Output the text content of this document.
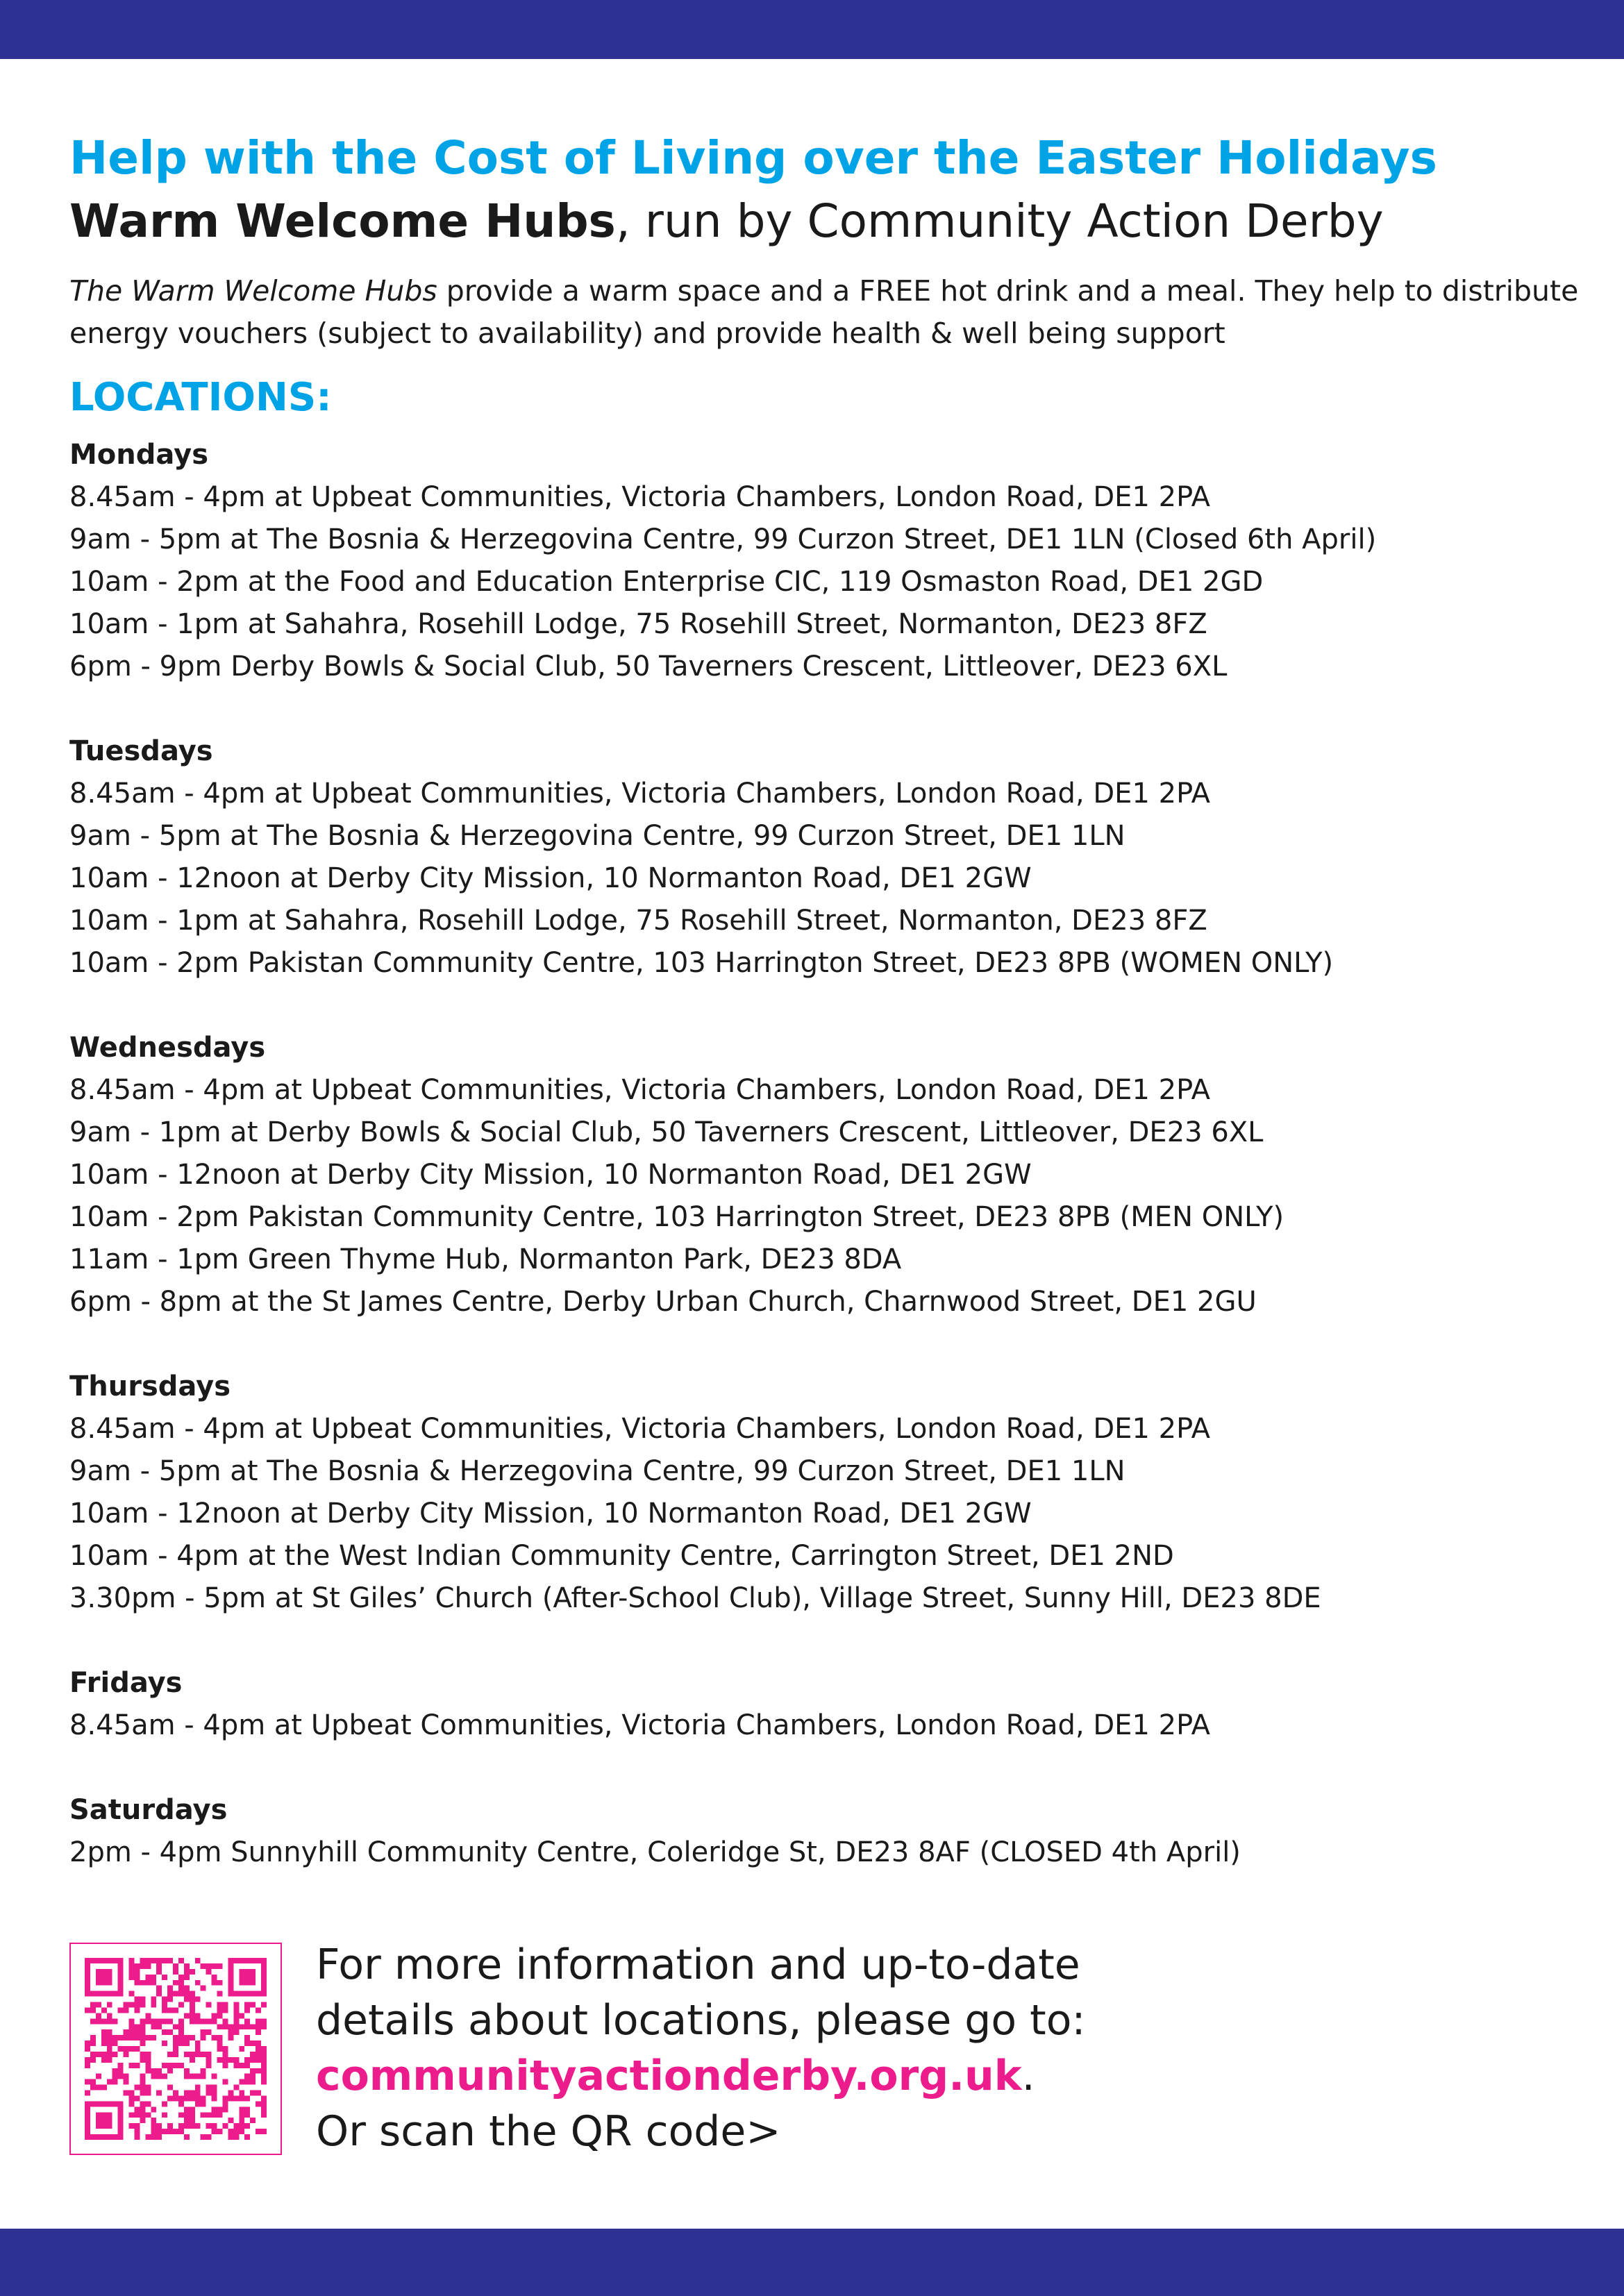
Help with the Cost of Living over the Easter Holidays
Warm Welcome Hubs, run by Community Action Derby
The Warm Welcome Hubs provide a warm space and a FREE hot drink and a meal. They help to distribute energy vouchers (subject to availability) and provide health & well being support
LOCATIONS:
Mondays
8.45am - 4pm at Upbeat Communities, Victoria Chambers, London Road, DE1 2PA
9am - 5pm at The Bosnia & Herzegovina Centre, 99 Curzon Street, DE1 1LN (Closed 6th April)
10am - 2pm at the Food and Education Enterprise CIC, 119 Osmaston Road, DE1 2GD
10am - 1pm at Sahahra, Rosehill Lodge, 75 Rosehill Street, Normanton, DE23 8FZ
6pm - 9pm Derby Bowls & Social Club, 50 Taverners Crescent, Littleover, DE23 6XL
Tuesdays
8.45am - 4pm at Upbeat Communities, Victoria Chambers, London Road, DE1 2PA
9am - 5pm at The Bosnia & Herzegovina Centre, 99 Curzon Street, DE1 1LN
10am - 12noon at Derby City Mission, 10 Normanton Road, DE1 2GW
10am - 1pm at Sahahra, Rosehill Lodge, 75 Rosehill Street, Normanton, DE23 8FZ
10am - 2pm Pakistan Community Centre, 103 Harrington Street, DE23 8PB (WOMEN ONLY)
Wednesdays
8.45am - 4pm at Upbeat Communities, Victoria Chambers, London Road, DE1 2PA
9am - 1pm at Derby Bowls & Social Club, 50 Taverners Crescent, Littleover, DE23 6XL
10am - 12noon at Derby City Mission, 10 Normanton Road, DE1 2GW
10am - 2pm Pakistan Community Centre, 103 Harrington Street, DE23 8PB (MEN ONLY)
11am - 1pm Green Thyme Hub, Normanton Park, DE23 8DA
6pm - 8pm at the St James Centre, Derby Urban Church, Charnwood Street, DE1 2GU
Thursdays
8.45am - 4pm at Upbeat Communities, Victoria Chambers, London Road, DE1 2PA
9am - 5pm at The Bosnia & Herzegovina Centre, 99 Curzon Street, DE1 1LN
10am - 12noon at Derby City Mission, 10 Normanton Road, DE1 2GW
10am - 4pm at the West Indian Community Centre, Carrington Street, DE1 2ND
3.30pm - 5pm at St Giles’ Church (After-School Club), Village Street, Sunny Hill, DE23 8DE
Fridays
8.45am - 4pm at Upbeat Communities, Victoria Chambers, London Road, DE1 2PA
Saturdays
2pm - 4pm Sunnyhill Community Centre, Coleridge St, DE23 8AF (CLOSED 4th April)
For more information and up-to-date
details about locations, please go to:
communityactionderby.org.uk.
Or scan the QR code>
